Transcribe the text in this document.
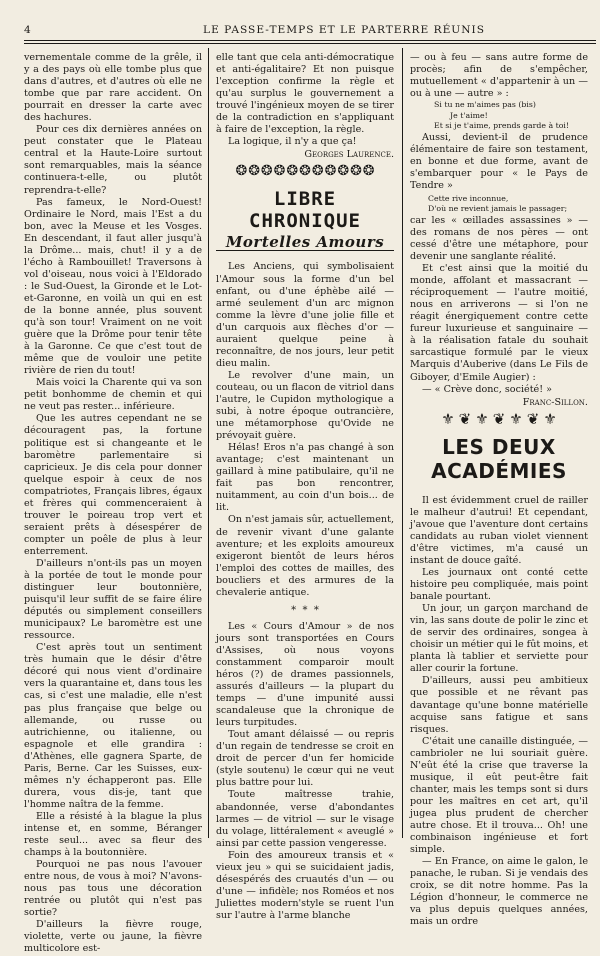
4	LE PASSE-TEMPS ET LE PARTERRE RÉUNIS

vernementale comme de la grêle, il y a des pays où elle tombe plus que dans d'autres, et d'autres où elle ne tombe que par rare accident. On pourrait en dresser la carte avec des hachures.

Pour ces dix dernières années on peut constater que le Plateau central et la Haute-Loire surtout sont remarquables, mais la séance continuera-t-elle, ou plutôt reprendra-t-elle?

Pas fameux, le Nord-Ouest! Ordinaire le Nord, mais l'Est a du bon, avec la Meuse et les Vosges. En descendant, il faut aller jusqu'à la Drôme... mais, chut! il y a de l'écho à Rambouillet! Traversons à vol d'oiseau, nous voici à l'Eldorado : le Sud-Ouest, la Gironde et le Lot-et-Garonne, en voilà un qui en est de la bonne année, plus souvent qu'à son tour! Vraiment on ne voit guère que la Drôme pour tenir tête à la Garonne. Ce que c'est tout de même que de vouloir une petite rivière de rien du tout!

Mais voici la Charente qui va son petit bonhomme de chemin et qui ne veut pas rester... inférieure.

Que les autres cependant ne se découragent pas, la fortune politique est si changeante et le baromètre parlementaire si capricieux. Je dis cela pour donner quelque espoir à ceux de nos compatriotes, Français libres, égaux et frères qui commenceraient à trouver le poireau trop vert et seraient prêts à désespérer de compter un poêle de plus à leur enterrement.

D'ailleurs n'ont-ils pas un moyen à la portée de tout le monde pour distinguer leur boutonnière, puisqu'il leur suffit de se faire élire députés ou simplement conseillers municipaux? Le baromètre est une ressource.

C'est après tout un sentiment très humain que le désir d'être décoré qui nous vient d'ordinaire vers la quarantaine et, dans tous les cas, si c'est une maladie, elle n'est pas plus française que belge ou allemande, ou russe ou autrichienne, ou italienne, ou espagnole et elle grandira : d'Athènes, elle gagnera Sparte, de Paris, Berne. Car les Suisses, eux-mêmes n'y échapperont pas. Elle durera, vous dis-je, tant que l'homme naîtra de la femme.

Elle a résisté à la blague la plus intense et, en somme, Béranger reste seul... avec sa fleur des champs à la boutonnière.

Pourquoi ne pas nous l'avouer entre nous, de vous à moi? N'avons-nous pas tous une décoration rentrée ou plutôt qui n'est pas sortie?

D'ailleurs la fièvre rouge, violette, verte ou jaune, la fièvre multicolore est-

elle tant que cela anti-démocratique et anti-égalitaire? Et non puisque l'exception confirme la règle et qu'au surplus le gouvernement a trouvé l'ingénieux moyen de se tirer de la contradiction en s'appliquant à faire de l'exception, la règle.

La logique, il n'y a que ça!

Georges Laurence.

❂ ❂ ❂ ❂ ❂ ❂ ❂ ❂ ❂ ❂ ❂
LIBRE CHRONIQUE
Mortelles Amours

Les Anciens, qui symbolisaient l'Amour sous la forme d'un bel enfant, ou d'une éphèbe ailé — armé seulement d'un arc mignon comme la lèvre d'une jolie fille et d'un carquois aux flèches d'or — auraient quelque peine à reconnaître, de nos jours, leur petit dieu malin.

Le revolver d'une main, un couteau, ou un flacon de vitriol dans l'autre, le Cupidon mythologique a subi, à notre époque outrancière, une métamorphose qu'Ovide ne prévoyait guère.

Hélas! Eros n'a pas changé à son avantage; c'est maintenant un gaillard à mine patibulaire, qu'il ne fait pas bon rencontrer, nuitamment, au coin d'un bois... de lit.

On n'est jamais sûr, actuellement, de revenir vivant d'une galante aventure; et les exploits amoureux exigeront bientôt de leurs héros l'emploi des cottes de mailles, des boucliers et des armures de la chevalerie antique.

*  *  *

Les « Cours d'Amour » de nos jours sont transportées en Cours d'Assises, où nous voyons constamment comparoir moult héros (?) de drames passionnels, assurés d'ailleurs — la plupart du temps — d'une impunité aussi scandaleuse que la chronique de leurs turpitudes.

Tout amant délaissé — ou repris d'un regain de tendresse se croit en droit de percer d'un fer homicide (style soutenu) le cœur qui ne veut plus battre pour lui.

Toute maîtresse trahie, abandonnée, verse d'abondantes larmes — de vitriol — sur le visage du volage, littéralement « aveuglé » ainsi par cette passion vengeresse.

Foin des amoureux transis et « vieux jeu » qui se suicidaient jadis, désespérés des cruautés d'un — ou d'une — infidèle; nos Roméos et nos Juliettes modern'style se ruent l'un sur l'autre à l'arme blanche

— ou à feu — sans autre forme de procès; afin de s'empêcher, mutuellement « d'appartenir à un — ou à une — autre » :

Si tu ne m'aimes pas (bis)

Je t'aime!

Et si je t'aime, prends garde à toi!

Aussi, devient-il de prudence élémentaire de faire son testament, en bonne et due forme, avant de s'embarquer pour « le Pays de Tendre »

Cette rive inconnue,

D'où ne revient jamais le passager;

car les « œillades assassines » — des romans de nos pères — ont cessé d'être une métaphore, pour devenir une sanglante réalité.

Et c'est ainsi que la moitié du monde, affolant et massacrant — réciproquement — l'autre moitié, nous en arriverons — si l'on ne réagit énergiquement contre cette fureur luxurieuse et sanguinaire — à la réalisation fatale du souhait sarcastique formulé par le vieux Marquis d'Auberive (dans Le Fils de Giboyer, d'Emile Augier) :

— « Crève donc, société! »

Franc-Sillon.

⚜ ❦ ⚜ ❦ ⚜ ❦ ⚜
LES DEUX ACADÉMIES

Il est évidemment cruel de railler le malheur d'autrui! Et cependant, j'avoue que l'aventure dont certains candidats au ruban violet viennent d'être victimes, m'a causé un instant de douce gaîté.

Les journaux ont conté cette histoire peu compliquée, mais point banale pourtant.

Un jour, un garçon marchand de vin, las sans doute de polir le zinc et de servir des ordinaires, songea à choisir un métier qui le fût moins, et planta là tablier et serviette pour aller courir la fortune.

D'ailleurs, aussi peu ambitieux que possible et ne rêvant pas davantage qu'une bonne matérielle acquise sans fatigue et sans risques.

C'était une canaille distinguée, — cambrioler ne lui souriait guère. N'eût été la crise que traverse la musique, il eût peut-être fait chanter, mais les temps sont si durs pour les maîtres en cet art, qu'il jugea plus prudent de chercher autre chose. Et il trouva... Oh! une combinaison ingénieuse et fort simple.

— En France, on aime le galon, le panache, le ruban. Si je vendais des croix, se dit notre homme. Pas la Légion d'honneur, le commerce ne va plus depuis quelques années, mais un ordre
